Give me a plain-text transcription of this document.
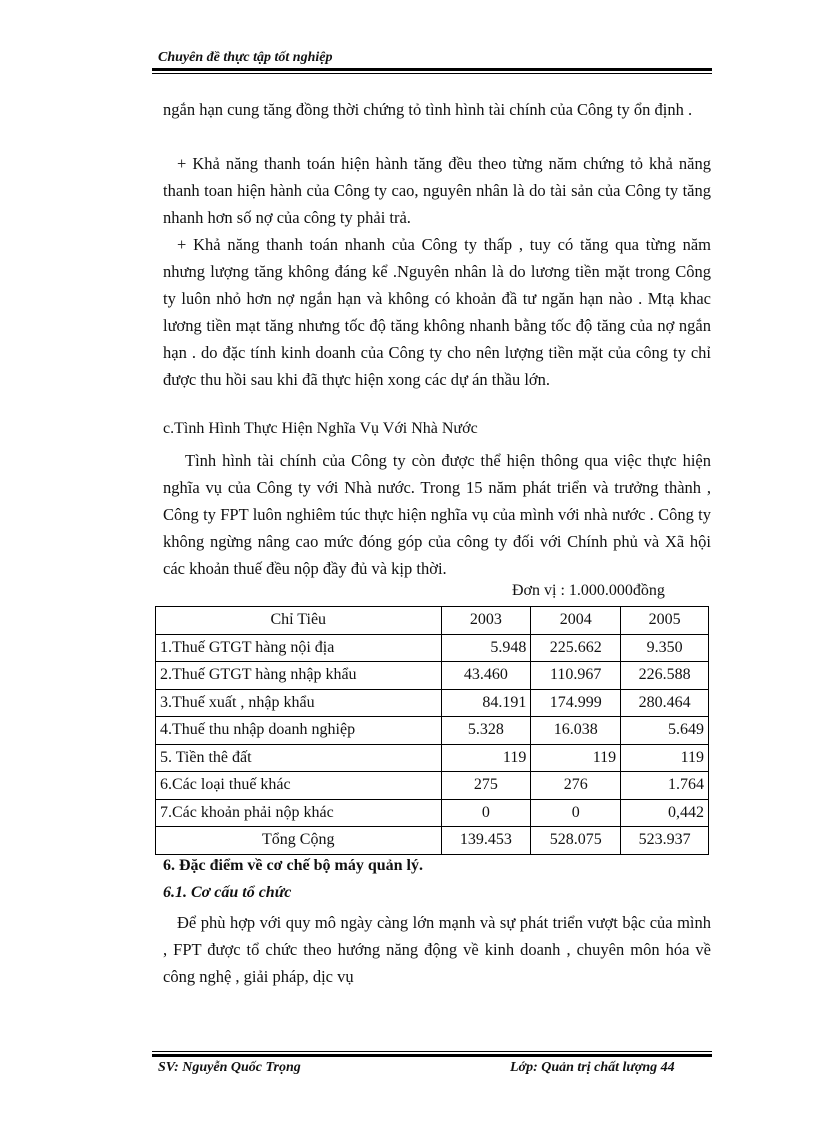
Chuyên đề thực tập tốt nghiệp

ngắn hạn cung tăng đồng thời chứng tỏ tình hình tài chính của Công ty ổn định .

+ Khả năng thanh toán hiện hành tăng đều theo từng năm chứng tỏ khả năng thanh toan hiện hành của Công ty cao, nguyên nhân là do tài sản của Công ty tăng nhanh hơn số nợ của công ty phải trả.

+ Khả năng thanh toán nhanh của Công ty thấp , tuy có tăng qua từng năm nhưng lượng tăng không đáng kể .Nguyên nhân là do lương tiền mặt trong Công ty luôn nhỏ hơn nợ ngắn hạn và không có khoản đầ tư ngăn hạn nào . Mtạ khac lương tiền mạt tăng nhưng tốc độ tăng không nhanh bằng tốc độ tăng của nợ ngắn hạn . do đặc tính kinh doanh của Công ty cho nên lượng tiền mặt của công ty chỉ được thu hồi sau khi đã thực hiện xong các dự án thầu lớn.

c.Tình Hình Thực Hiện Nghĩa Vụ Với Nhà Nước

Tình hình tài chính của Công ty còn được thể hiện thông qua việc thực hiện nghĩa vụ của Công ty với Nhà nước. Trong 15 năm phát triển và trưởng thành , Công ty FPT luôn nghiêm túc thực hiện nghĩa vụ của mình với nhà nước . Công ty không ngừng nâng cao mức đóng góp của công ty đối với Chính phủ và Xã hội các khoản thuế đều nộp đầy đủ và kịp thời.

Đơn vị : 1.000.000đồng
Chỉ Tiêu	2003	2004	2005
1.Thuế GTGT hàng nội địa	5.948	225.662	9.350
2.Thuế GTGT hàng nhập khẩu	43.460	110.967	226.588
3.Thuế xuất , nhập khẩu	84.191	174.999	280.464
4.Thuế thu nhập doanh nghiệp	5.328	16.038	5.649
5. Tiền thê đất	119	119	119
6.Các loại thuế khác	275	276	1.764
7.Các khoản phải nộp khác	0	0	0,442
Tổng Cộng	139.453	528.075	523.937

6. Đặc điểm về cơ chế bộ máy quản lý.

6.1. Cơ cấu tổ chức

Để phù hợp với quy mô ngày càng lớn mạnh và sự phát triển vượt bậc của mình , FPT được tổ chức theo hướng năng động về kinh doanh , chuyên môn hóa về công nghệ , giải pháp, dịc vụ

SV: Nguyễn Quốc Trọng	Lớp: Quản trị chất lượng 44
